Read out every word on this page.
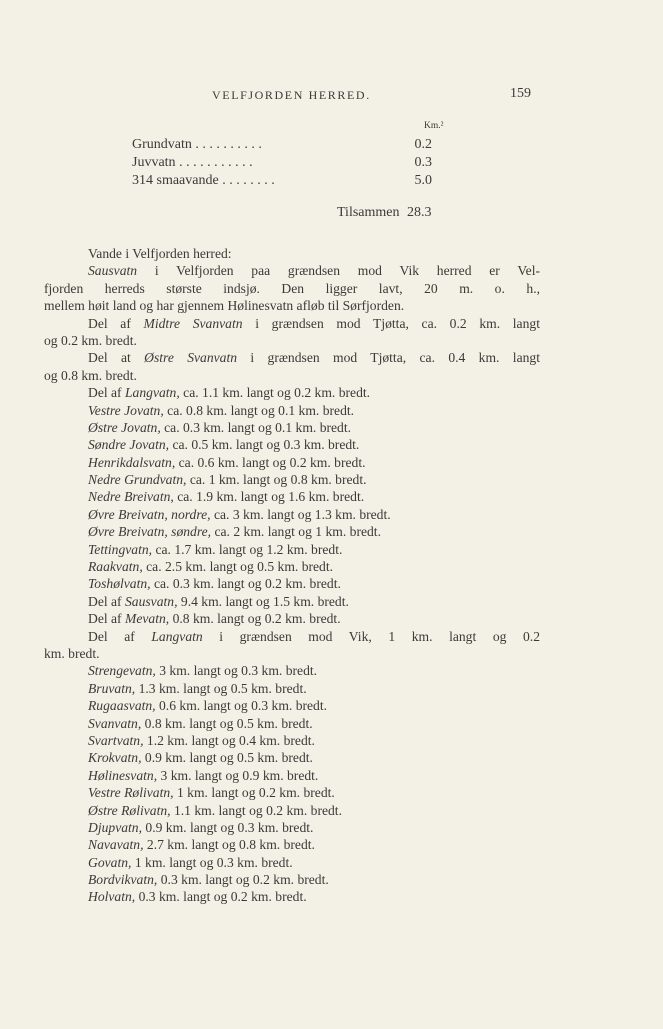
VELFJORDEN HERRED.	159
Km.²
Grundvatn . . . . . . . . . .	0.2
Juvvatn . . . . . . . . . . .	0.3
314 smaavande . . . . . . . .	5.0
Tilsammen 28.3
Vande i Velfjorden herred:
Sausvatn i Velfjorden paa grændsen mod Vik herred er Vel-
fjorden herreds største indsjø. Den ligger lavt, 20 m. o. h.,
mellem høit land og har gjennem Hølinesvatn afløb til Sørfjorden.
Del af Midtre Svanvatn i grændsen mod Tjøtta, ca. 0.2 km. langt
og 0.2 km. bredt.
Del at Østre Svanvatn i grændsen mod Tjøtta, ca. 0.4 km. langt
og 0.8 km. bredt.
Del af Langvatn, ca. 1.1 km. langt og 0.2 km. bredt.
Vestre Jovatn, ca. 0.8 km. langt og 0.1 km. bredt.
Østre Jovatn, ca. 0.3 km. langt og 0.1 km. bredt.
Søndre Jovatn, ca. 0.5 km. langt og 0.3 km. bredt.
Henrikdalsvatn, ca. 0.6 km. langt og 0.2 km. bredt.
Nedre Grundvatn, ca. 1 km. langt og 0.8 km. bredt.
Nedre Breivatn, ca. 1.9 km. langt og 1.6 km. bredt.
Øvre Breivatn, nordre, ca. 3 km. langt og 1.3 km. bredt.
Øvre Breivatn, søndre, ca. 2 km. langt og 1 km. bredt.
Tettingvatn, ca. 1.7 km. langt og 1.2 km. bredt.
Raakvatn, ca. 2.5 km. langt og 0.5 km. bredt.
Toshølvatn, ca. 0.3 km. langt og 0.2 km. bredt.
Del af Sausvatn, 9.4 km. langt og 1.5 km. bredt.
Del af Mevatn, 0.8 km. langt og 0.2 km. bredt.
Del af Langvatn i grændsen mod Vik, 1 km. langt og 0.2
km. bredt.
Strengevatn, 3 km. langt og 0.3 km. bredt.
Bruvatn, 1.3 km. langt og 0.5 km. bredt.
Rugaasvatn, 0.6 km. langt og 0.3 km. bredt.
Svanvatn, 0.8 km. langt og 0.5 km. bredt.
Svartvatn, 1.2 km. langt og 0.4 km. bredt.
Krokvatn, 0.9 km. langt og 0.5 km. bredt.
Hølinesvatn, 3 km. langt og 0.9 km. bredt.
Vestre Rølivatn, 1 km. langt og 0.2 km. bredt.
Østre Rølivatn, 1.1 km. langt og 0.2 km. bredt.
Djupvatn, 0.9 km. langt og 0.3 km. bredt.
Navavatn, 2.7 km. langt og 0.8 km. bredt.
Govatn, 1 km. langt og 0.3 km. bredt.
Bordvikvatn, 0.3 km. langt og 0.2 km. bredt.
Holvatn, 0.3 km. langt og 0.2 km. bredt.
